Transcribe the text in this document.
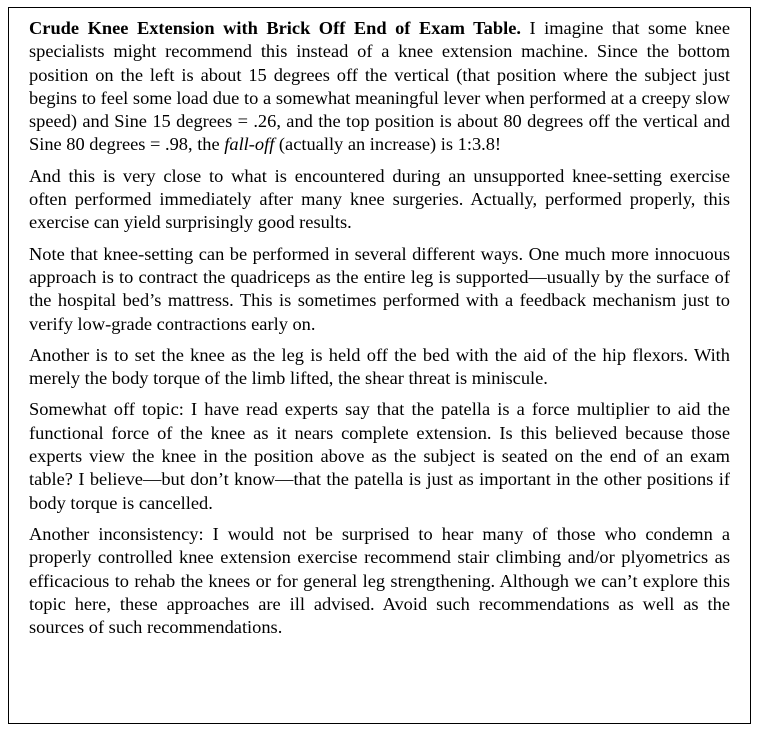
Crude Knee Extension with Brick Off End of Exam Table. I imagine that some knee specialists might recommend this instead of a knee extension machine. Since the bottom position on the left is about 15 degrees off the vertical (that position where the subject just begins to feel some load due to a somewhat meaningful lever when performed at a creepy slow speed) and Sine 15 degrees = .26, and the top position is about 80 degrees off the vertical and Sine 80 degrees = .98, the fall-off (actually an increase) is 1:3.8!

And this is very close to what is encountered during an unsupported knee-setting exercise often performed immediately after many knee surgeries. Actually, performed properly, this exercise can yield surprisingly good results.

Note that knee-setting can be performed in several different ways. One much more innocuous approach is to contract the quadriceps as the entire leg is supported—usually by the surface of the hospital bed’s mattress. This is sometimes performed with a feedback mechanism just to verify low-grade contractions early on.

Another is to set the knee as the leg is held off the bed with the aid of the hip flexors. With merely the body torque of the limb lifted, the shear threat is miniscule.

Somewhat off topic: I have read experts say that the patella is a force multiplier to aid the functional force of the knee as it nears complete extension. Is this believed because those experts view the knee in the position above as the subject is seated on the end of an exam table? I believe—but don’t know—that the patella is just as important in the other positions if body torque is cancelled.

Another inconsistency: I would not be surprised to hear many of those who condemn a properly controlled knee extension exercise recommend stair climbing and/or plyometrics as efficacious to rehab the knees or for general leg strengthening. Although we can’t explore this topic here, these approaches are ill advised. Avoid such recommendations as well as the sources of such recommendations.
